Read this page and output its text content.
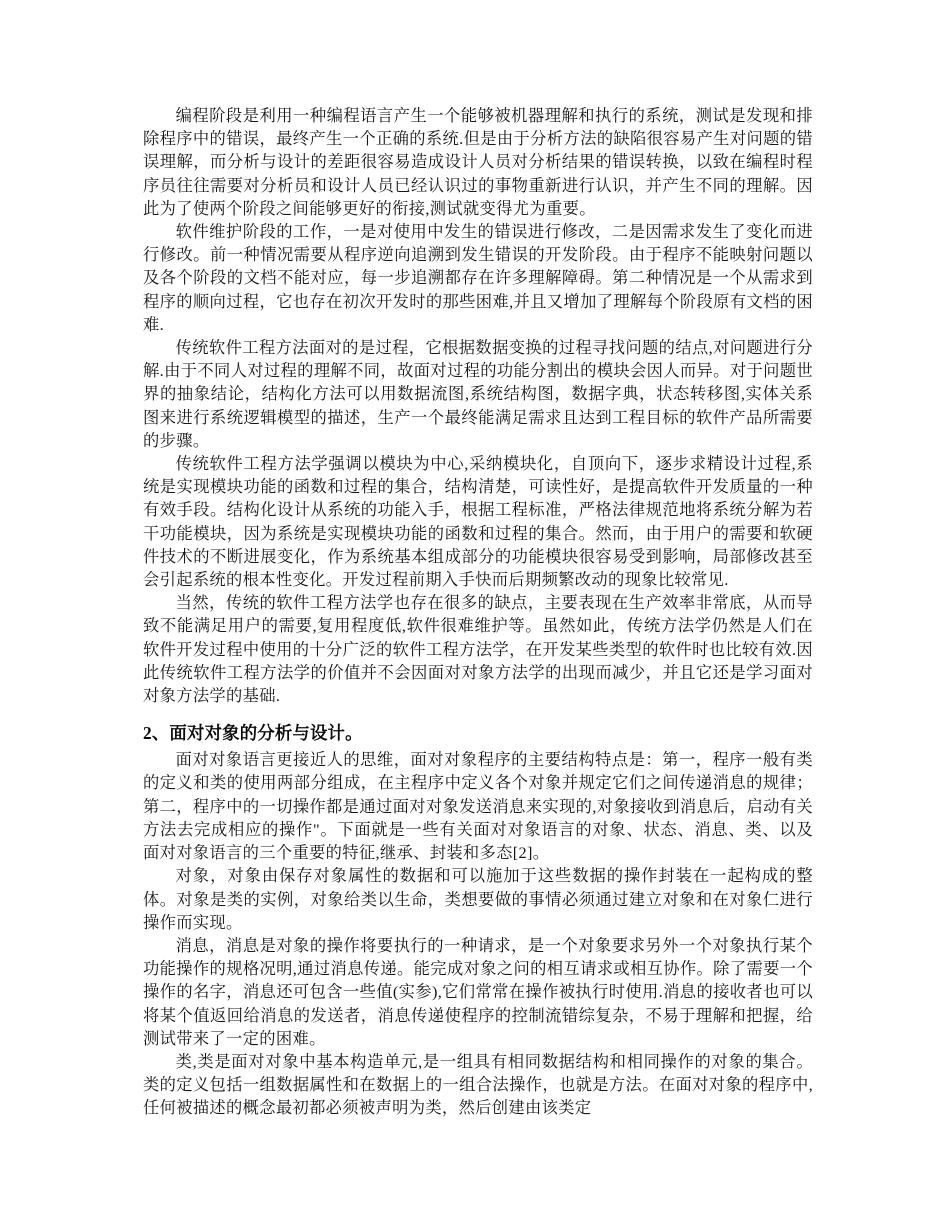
编程阶段是利用一种编程语言产生一个能够被机器理解和执行的系统，测试是发现和排除程序中的错误，最终产生一个正确的系统.但是由于分析方法的缺陷很容易产生对问题的错误理解，而分析与设计的差距很容易造成设计人员对分析结果的错误转换，以致在编程时程序员往往需要对分析员和设计人员已经认识过的事物重新进行认识，并产生不同的理解。因此为了使两个阶段之间能够更好的衔接,测试就变得尤为重要。

软件维护阶段的工作，一是对使用中发生的错误进行修改，二是因需求发生了变化而进行修改。前一种情况需要从程序逆向追溯到发生错误的开发阶段。由于程序不能映射问题以及各个阶段的文档不能对应，每一步追溯都存在许多理解障碍。第二种情况是一个从需求到程序的顺向过程，它也存在初次开发时的那些困难,并且又增加了理解每个阶段原有文档的困难.

传统软件工程方法面对的是过程，它根据数据变换的过程寻找问题的结点,对问题进行分解.由于不同人对过程的理解不同，故面对过程的功能分割出的模块会因人而异。对于问题世界的抽象结论，结构化方法可以用数据流图,系统结构图，数据字典，状态转移图,实体关系图来进行系统逻辑模型的描述，生产一个最终能满足需求且达到工程目标的软件产品所需要的步骤。

传统软件工程方法学强调以模块为中心,采纳模块化，自顶向下，逐步求精设计过程,系统是实现模块功能的函数和过程的集合，结构清楚，可读性好，是提高软件开发质量的一种有效手段。结构化设计从系统的功能入手，根据工程标准，严格法律规范地将系统分解为若干功能模块，因为系统是实现模块功能的函数和过程的集合。然而，由于用户的需要和软硬件技术的不断进展变化，作为系统基本组成部分的功能模块很容易受到影响，局部修改甚至会引起系统的根本性变化。开发过程前期入手快而后期频繁改动的现象比较常见.

当然，传统的软件工程方法学也存在很多的缺点，主要表现在生产效率非常底，从而导致不能满足用户的需要,复用程度低,软件很难维护等。虽然如此，传统方法学仍然是人们在软件开发过程中使用的十分广泛的软件工程方法学，在开发某些类型的软件时也比较有效.因此传统软件工程方法学的价值并不会因面对对象方法学的出现而减少，并且它还是学习面对对象方法学的基础.

2、面对对象的分析与设计。

面对对象语言更接近人的思维，面对对象程序的主要结构特点是：第一，程序一般有类的定义和类的使用两部分组成，在主程序中定义各个对象并规定它们之间传递消息的规律；第二，程序中的一切操作都是通过面对对象发送消息来实现的,对象接收到消息后，启动有关方法去完成相应的操作"。下面就是一些有关面对对象语言的对象、状态、消息、类、以及面对对象语言的三个重要的特征,继承、封装和多态[2]。

对象，对象由保存对象属性的数据和可以施加于这些数据的操作封装在一起构成的整体。对象是类的实例，对象给类以生命，类想要做的事情必须通过建立对象和在对象仁进行操作而实现。

消息，消息是对象的操作将要执行的一种请求，是一个对象要求另外一个对象执行某个功能操作的规格况明,通过消息传递。能完成对象之问的相互请求或相互协作。除了需要一个操作的名字，消息还可包含一些值(实参),它们常常在操作被执行时使用.消息的接收者也可以将某个值返回给消息的发送者，消息传递使程序的控制流错综复杂，不易于理解和把握，给测试带来了一定的困难。

类,类是面对对象中基本构造单元,是一组具有相同数据结构和相同操作的对象的集合。类的定义包括一组数据属性和在数据上的一组合法操作，也就是方法。在面对对象的程序中,任何被描述的概念最初都必须被声明为类，然后创建由该类定
